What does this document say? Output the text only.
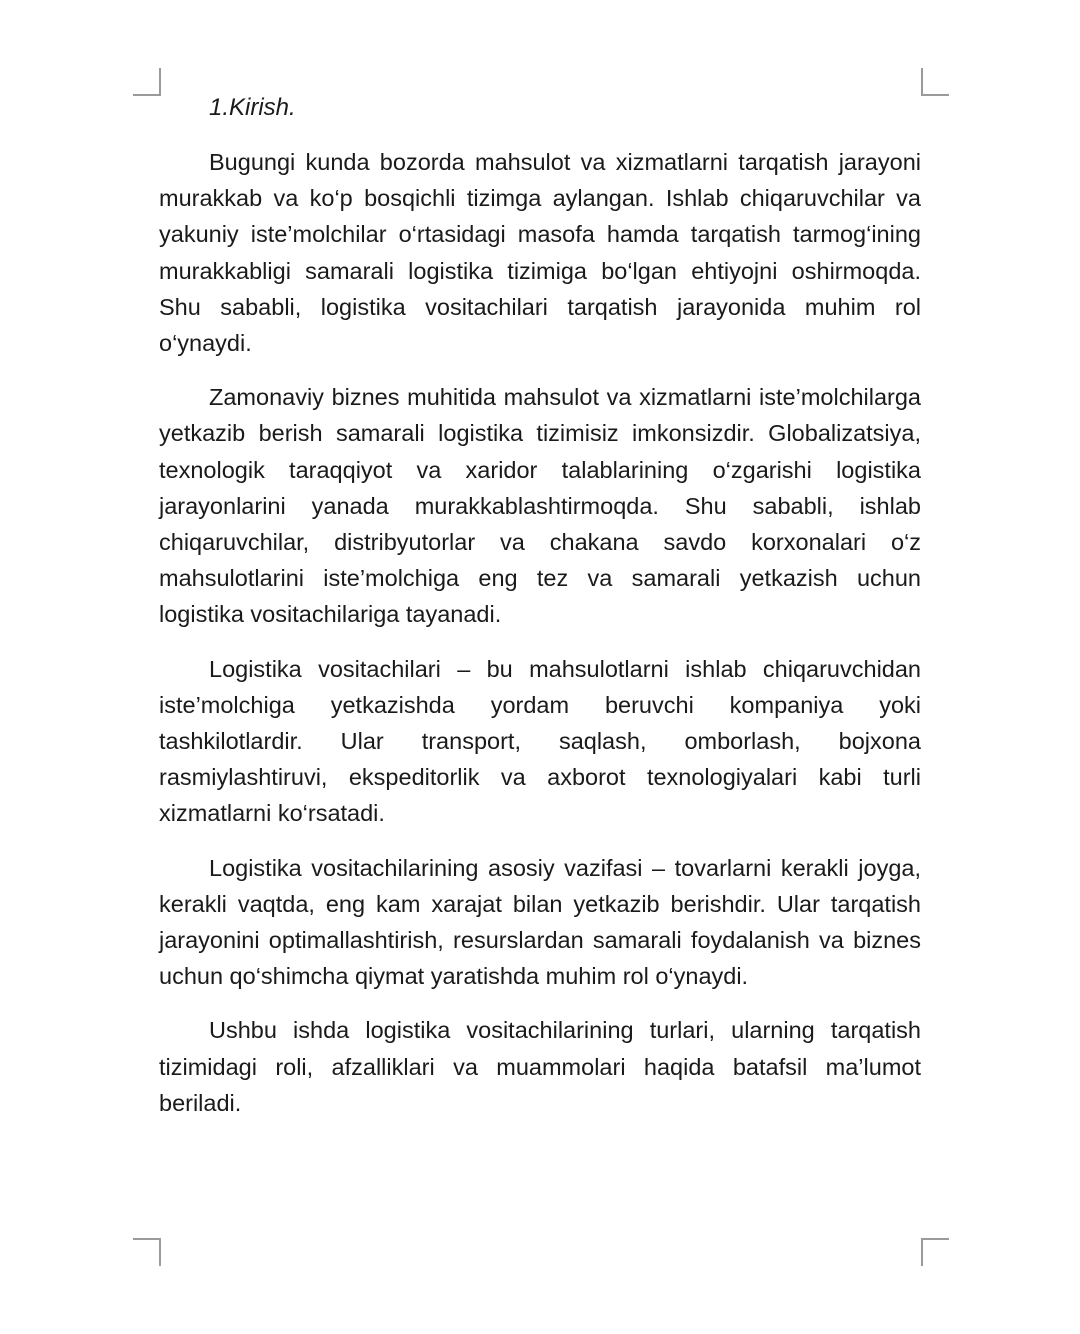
1.Kirish.

Bugungi kunda bozorda mahsulot va xizmatlarni tarqatish jarayoni murakkab va ko‘p bosqichli tizimga aylangan. Ishlab chiqaruvchilar va yakuniy iste’molchilar o‘rtasidagi masofa hamda tarqatish tarmog‘ining murakkabligi samarali logistika tizimiga bo‘lgan ehtiyojni oshirmoqda. Shu sababli, logistika vositachilari tarqatish jarayonida muhim rol o‘ynaydi.

Zamonaviy biznes muhitida mahsulot va xizmatlarni iste’molchilarga yetkazib berish samarali logistika tizimisiz imkonsizdir. Globalizatsiya, texnologik taraqqiyot va xaridor talablarining o‘zgarishi logistika jarayonlarini yanada murakkablashtirmoqda. Shu sababli, ishlab chiqaruvchilar, distribyutorlar va chakana savdo korxonalari o‘z mahsulotlarini iste’molchiga eng tez va samarali yetkazish uchun logistika vositachilariga tayanadi.

Logistika vositachilari – bu mahsulotlarni ishlab chiqaruvchidan iste’molchiga yetkazishda yordam beruvchi kompaniya yoki tashkilotlardir. Ular transport, saqlash, omborlash, bojxona rasmiylashtiruvi, ekspeditorlik va axborot texnologiyalari kabi turli xizmatlarni ko‘rsatadi.

Logistika vositachilarining asosiy vazifasi – tovarlarni kerakli joyga, kerakli vaqtda, eng kam xarajat bilan yetkazib berishdir. Ular tarqatish jarayonini optimallashtirish, resurslardan samarali foydalanish va biznes uchun qo‘shimcha qiymat yaratishda muhim rol o‘ynaydi.

Ushbu ishda logistika vositachilarining turlari, ularning tarqatish tizimidagi roli, afzalliklari va muammolari haqida batafsil ma’lumot beriladi.
